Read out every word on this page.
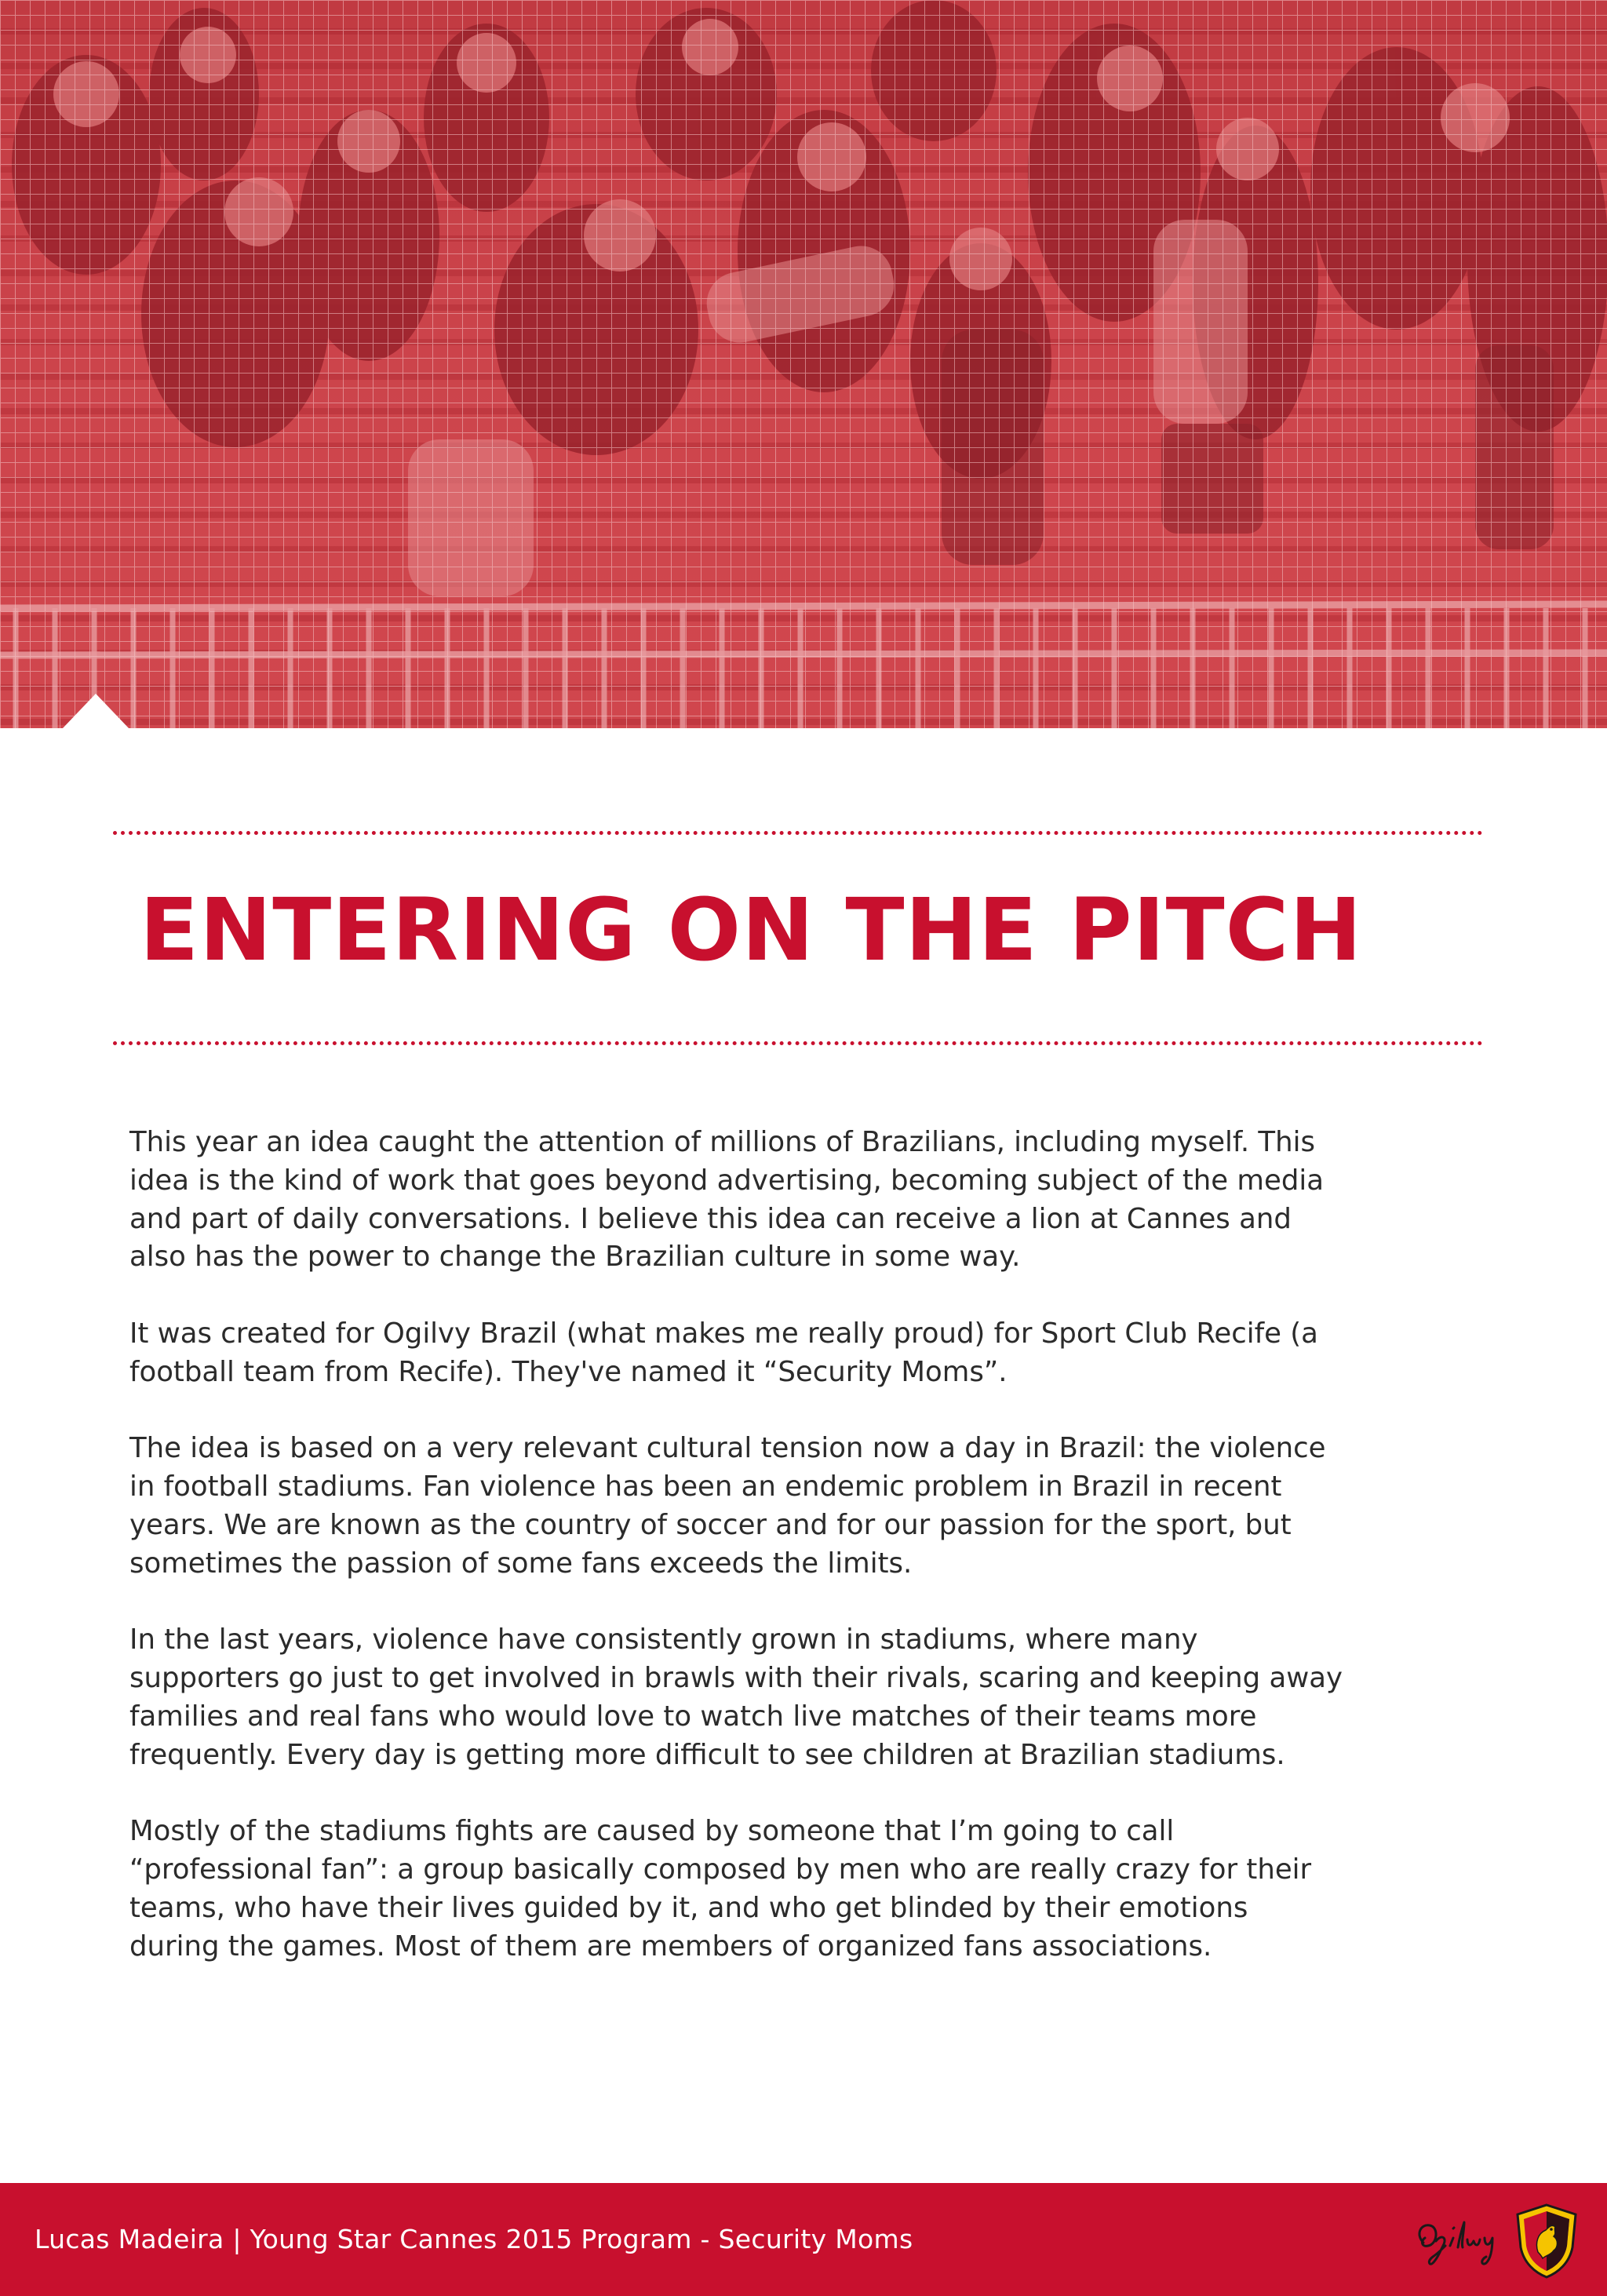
ENTERING ON THE PITCH

This year an idea caught the attention of millions of Brazilians, including myself. This
idea is the kind of work that goes beyond advertising, becoming subject of the media
and part of daily conversations. I believe this idea can receive a lion at Cannes and
also has the power to change the Brazilian culture in some way.

It was created for Ogilvy Brazil (what makes me really proud) for Sport Club Recife (a
football team from Recife). They've named it “Security Moms”.

The idea is based on a very relevant cultural tension now a day in Brazil: the violence
in football stadiums. Fan violence has been an endemic problem in Brazil in recent
years. We are known as the country of soccer and for our passion for the sport, but
sometimes the passion of some fans exceeds the limits.

In the last years, violence have consistently grown in stadiums, where many
supporters go just to get involved in brawls with their rivals, scaring and keeping away
families and real fans who would love to watch live matches of their teams more
frequently. Every day is getting more difficult to see children at Brazilian stadiums.

Mostly of the stadiums fights are caused by someone that I’m going to call
“professional fan”: a group basically composed by men who are really crazy for their
teams, who have their lives guided by it, and who get blinded by their emotions
during the games. Most of them are members of organized fans associations.

Lucas Madeira | Young Star Cannes 2015 Program - Security Moms
